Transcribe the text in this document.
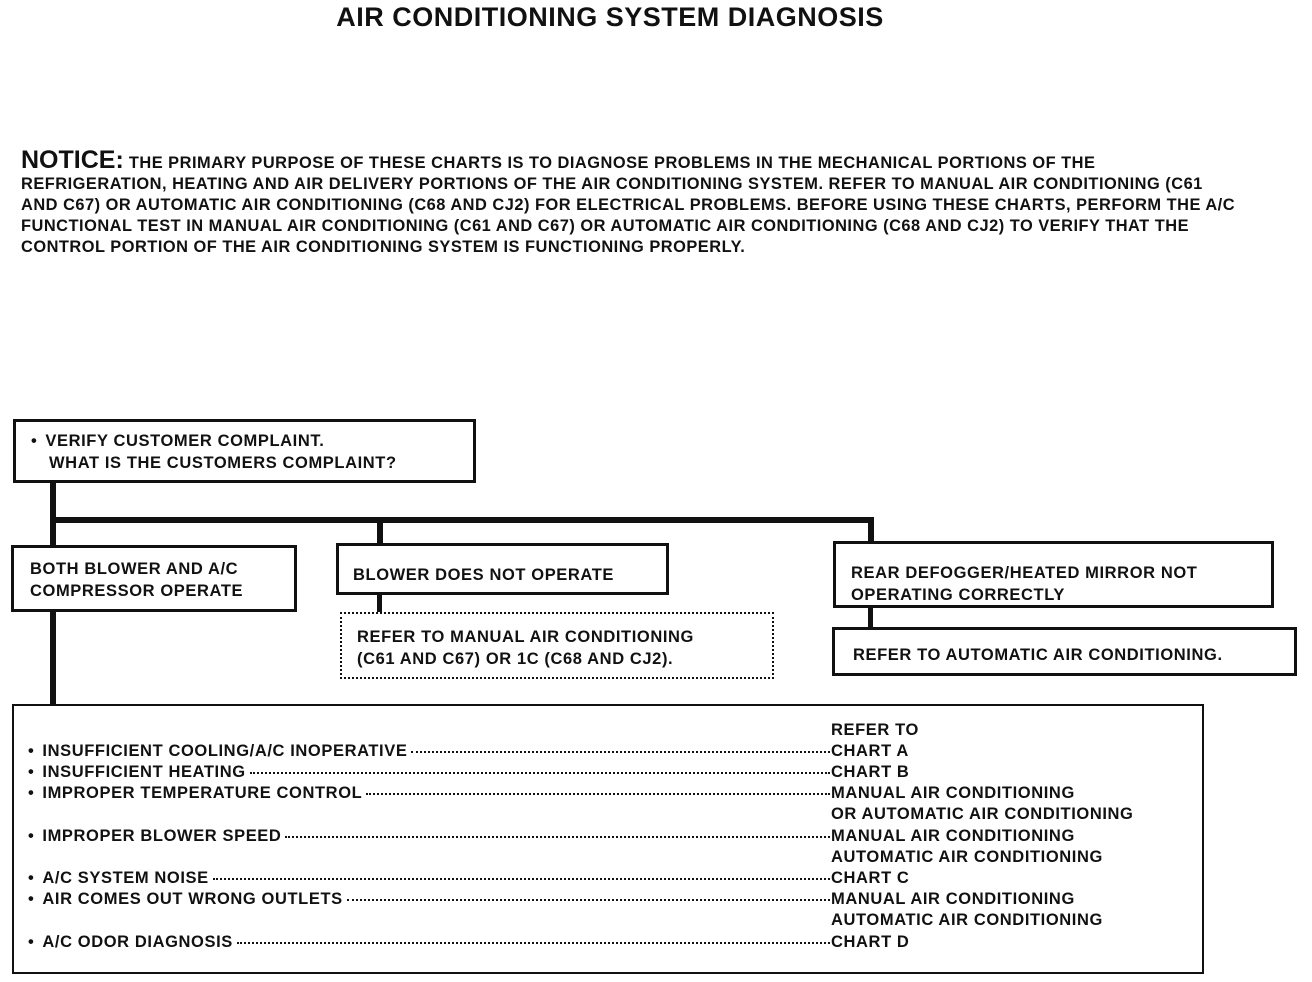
AIR CONDITIONING SYSTEM DIAGNOSIS
NOTICE: THE PRIMARY PURPOSE OF THESE CHARTS IS TO DIAGNOSE PROBLEMS IN THE MECHANICAL PORTIONS OF THE REFRIGERATION, HEATING AND AIR DELIVERY PORTIONS OF THE AIR CONDITIONING SYSTEM. REFER TO MANUAL AIR CONDITIONING (C61 AND C67) OR AUTOMATIC AIR CONDITIONING (C68 AND CJ2) FOR ELECTRICAL PROBLEMS. BEFORE USING THESE CHARTS, PERFORM THE A/C FUNCTIONAL TEST IN MANUAL AIR CONDITIONING (C61 AND C67) OR AUTOMATIC AIR CONDITIONING (C68 AND CJ2) TO VERIFY THAT THE CONTROL PORTION OF THE AIR CONDITIONING SYSTEM IS FUNCTIONING PROPERLY.
• VERIFY CUSTOMER COMPLAINT.
WHAT IS THE CUSTOMERS COMPLAINT?
BOTH BLOWER AND A/C
COMPRESSOR OPERATE
BLOWER DOES NOT OPERATE
REFER TO MANUAL AIR CONDITIONING
(C61 AND C67) OR 1C (C68 AND CJ2).
REAR DEFOGGER/HEATED MIRROR NOT
OPERATING CORRECTLY
REFER TO AUTOMATIC AIR CONDITIONING.
REFER TO
• INSUFFICIENT COOLING/A/C INOPERATIVE	CHART A
• INSUFFICIENT HEATING	CHART B
• IMPROPER TEMPERATURE CONTROL	MANUAL AIR CONDITIONING
OR AUTOMATIC AIR CONDITIONING
• IMPROPER BLOWER SPEED	MANUAL AIR CONDITIONING
AUTOMATIC AIR CONDITIONING
• A/C SYSTEM NOISE	CHART C
• AIR COMES OUT WRONG OUTLETS	MANUAL AIR CONDITIONING
AUTOMATIC AIR CONDITIONING
• A/C ODOR DIAGNOSIS	CHART D
